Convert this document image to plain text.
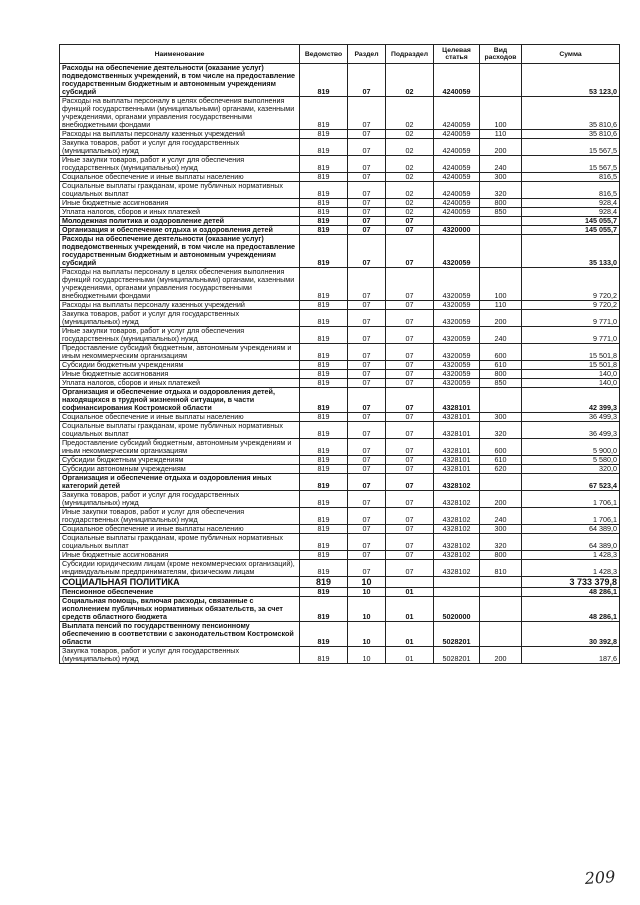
Наименование	Ведомство	Раздел	Подраздел	Целевая статья	Вид расходов	Сумма
Расходы на обеспечение деятельности (оказание услуг) подведомственных учреждений, в том числе на предоставление государственным бюджетным и автономным учреждениям субсидий	819	07	02	4240059		53 123,0
Расходы на выплаты персоналу в целях обеспечения выполнения функций государственными (муниципальными) органами, казенными учреждениями, органами управления государственными внебюджетными фондами	819	07	02	4240059	100	35 810,6
Расходы на выплаты персоналу казенных учреждений	819	07	02	4240059	110	35 810,6
Закупка товаров, работ и услуг для государственных (муниципальных) нужд	819	07	02	4240059	200	15 567,5
Иные закупки товаров, работ и услуг для обеспечения государственных (муниципальных) нужд	819	07	02	4240059	240	15 567,5
Социальное обеспечение и иные выплаты населению	819	07	02	4240059	300	816,5
Социальные выплаты гражданам, кроме публичных нормативных социальных выплат	819	07	02	4240059	320	816,5
Иные бюджетные ассигнования	819	07	02	4240059	800	928,4
Уплата налогов, сборов и иных платежей	819	07	02	4240059	850	928,4
Молодежная политика и оздоровление детей	819	07	07			145 055,7
Организация и обеспечение отдыха и оздоровления детей	819	07	07	4320000		145 055,7
Расходы на обеспечение деятельности (оказание услуг) подведомственных учреждений, в том числе на предоставление государственным бюджетным и автономным учреждениям субсидий	819	07	07	4320059		35 133,0
Расходы на выплаты персоналу в целях обеспечения выполнения функций государственными (муниципальными) органами, казенными учреждениями, органами управления государственными внебюджетными фондами	819	07	07	4320059	100	9 720,2
Расходы на выплаты персоналу казенных учреждений	819	07	07	4320059	110	9 720,2
Закупка товаров, работ и услуг для государственных (муниципальных) нужд	819	07	07	4320059	200	9 771,0
Иные закупки товаров, работ и услуг для обеспечения государственных (муниципальных) нужд	819	07	07	4320059	240	9 771,0
Предоставление субсидий бюджетным, автономным учреждениям и иным некоммерческим организациям	819	07	07	4320059	600	15 501,8
Субсидии бюджетным учреждениям	819	07	07	4320059	610	15 501,8
Иные бюджетные ассигнования	819	07	07	4320059	800	140,0
Уплата налогов, сборов и иных платежей	819	07	07	4320059	850	140,0
Организация и обеспечение отдыха и оздоровления детей, находящихся в трудной жизненной ситуации, в части софинансирования Костромской области	819	07	07	4328101		42 399,3
Социальное обеспечение и иные выплаты населению	819	07	07	4328101	300	36 499,3
Социальные выплаты гражданам, кроме публичных нормативных социальных выплат	819	07	07	4328101	320	36 499,3
Предоставление субсидий бюджетным, автономным учреждениям и иным некоммерческим организациям	819	07	07	4328101	600	5 900,0
Субсидии бюджетным учреждениям	819	07	07	4328101	610	5 580,0
Субсидии автономным учреждениям	819	07	07	4328101	620	320,0
Организация и обеспечение отдыха и оздоровления иных категорий детей	819	07	07	4328102		67 523,4
Закупка товаров, работ и услуг для государственных (муниципальных) нужд	819	07	07	4328102	200	1 706,1
Иные закупки товаров, работ и услуг для обеспечения государственных (муниципальных) нужд	819	07	07	4328102	240	1 706,1
Социальное обеспечение и иные выплаты населению	819	07	07	4328102	300	64 389,0
Социальные выплаты гражданам, кроме публичных нормативных социальных выплат	819	07	07	4328102	320	64 389,0
Иные бюджетные ассигнования	819	07	07	4328102	800	1 428,3
Субсидии юридическим лицам (кроме некоммерческих организаций), индивидуальным предпринимателям, физическим лицам	819	07	07	4328102	810	1 428,3
СОЦИАЛЬНАЯ ПОЛИТИКА	819	10				3 733 379,8
Пенсионное обеспечение	819	10	01			48 286,1
Социальная помощь, включая расходы, связанные с исполнением публичных нормативных обязательств, за счет средств областного бюджета	819	10	01	5020000		48 286,1
Выплата пенсий по государственному пенсионному обеспечению в соответствии с законодательством Костромской области	819	10	01	5028201		30 392,8
Закупка товаров, работ и услуг для государственных (муниципальных) нужд	819	10	01	5028201	200	187,6
209
